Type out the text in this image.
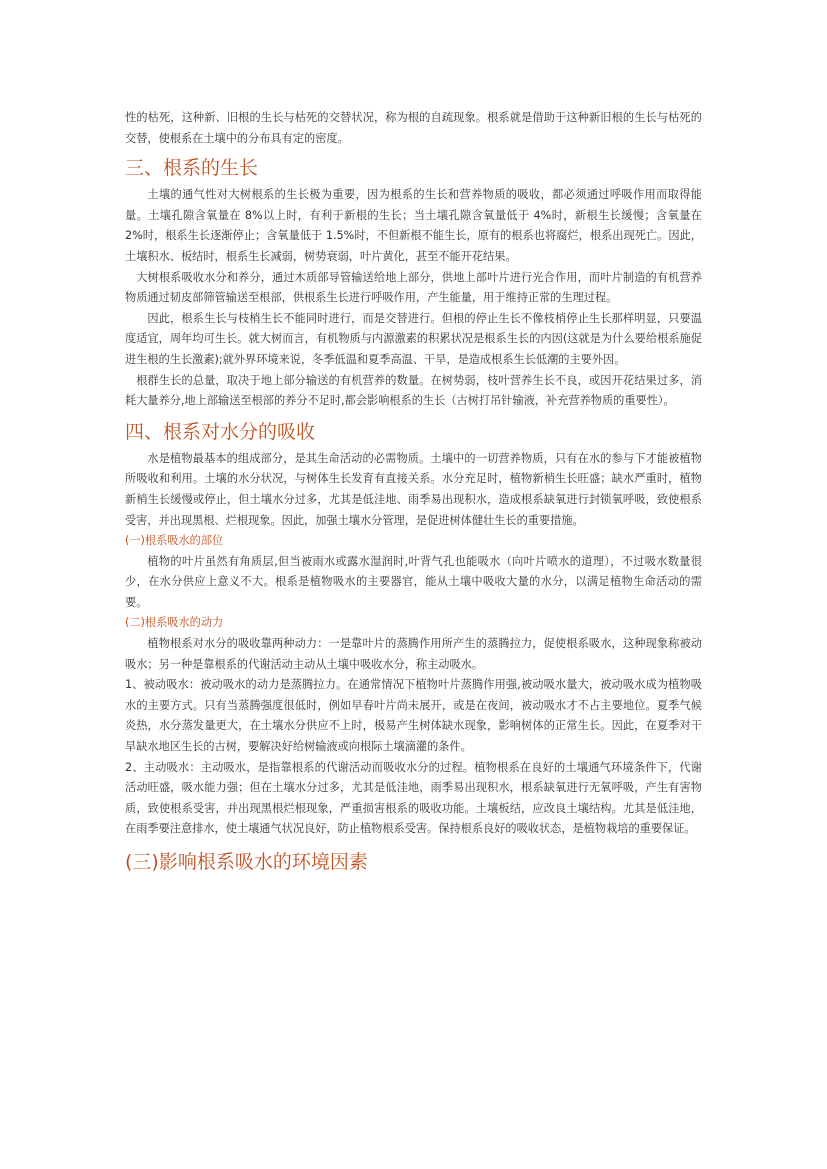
性的枯死，这种新、旧根的生长与枯死的交替状况，称为根的自疏现象。根系就是借助于这种新旧根的生长与枯死的交替，使根系在土壤中的分布具有定的密度。

三、根系的生长

土壤的通气性对大树根系的生长极为重要，因为根系的生长和营养物质的吸收，都必须通过呼吸作用而取得能量。土壤孔隙含氧量在 8%以上时，有利于新根的生长；当土壤孔隙含氧量低于 4%时，新根生长缓慢；含氧量在 2%时，根系生长逐渐停止；含氧量低于 1.5%时，不但新根不能生长，原有的根系也将腐烂，根系出现死亡。因此，土壤积水、板结时，根系生长减弱，树势衰弱，叶片黄化，甚至不能开花结果。

大树根系吸收水分和养分，通过木质部导管输送给地上部分，供地上部叶片进行光合作用，而叶片制造的有机营养物质通过韧皮部筛管输送至根部，供根系生长进行呼吸作用，产生能量，用于维持正常的生理过程。

因此，根系生长与枝梢生长不能同时进行，而是交替进行。但根的停止生长不像枝梢停止生长那样明显，只要温度适宜，周年均可生长。就大树而言，有机物质与内源激素的积累状况是根系生长的内因(这就是为什么要给根系施促进生根的生长激素);就外界环境来说，冬季低温和夏季高温、干旱，是造成根系生长低潮的主要外因。

根群生长的总量，取决于地上部分输送的有机营养的数量。在树势弱，枝叶营养生长不良，或因开花结果过多，消耗大量养分,地上部输送至根部的养分不足时,都会影响根系的生长（古树打吊针输液，补充营养物质的重要性）。

四、根系对水分的吸收

水是植物最基本的组成部分，是其生命活动的必需物质。土壤中的一切营养物质，只有在水的参与下才能被植物所吸收和利用。土壤的水分状况，与树体生长发育有直接关系。水分充足时，植物新梢生长旺盛；缺水严重时，植物新梢生长缓慢或停止，但土壤水分过多，尤其是低洼地、雨季易出现积水，造成根系缺氧进行封锁氧呼吸，致使根系受害，并出现黑根、烂根现象。因此，加强土壤水分管理，是促进树体健壮生长的重要措施。

(一)根系吸水的部位

植物的叶片虽然有角质层,但当被雨水或露水湿润时,叶背气孔也能吸水（向叶片喷水的道理），不过吸水数量很少，在水分供应上意义不大。根系是植物吸水的主要器官，能从土壤中吸收大量的水分，以满足植物生命活动的需要。

(二)根系吸水的动力

植物根系对水分的吸收靠两种动力：一是靠叶片的蒸腾作用所产生的蒸腾拉力，促使根系吸水，这种现象称被动吸水；另一种是靠根系的代谢活动主动从土壤中吸收水分，称主动吸水。

1、被动吸水：被动吸水的动力是蒸腾拉力。在通常情况下植物叶片蒸腾作用强,被动吸水量大，被动吸水成为植物吸水的主要方式。只有当蒸腾强度很低时，例如早春叶片尚未展开，或是在夜间，被动吸水才不占主要地位。夏季气候炎热，水分蒸发量更大，在土壤水分供应不上时，极易产生树体缺水现象，影响树体的正常生长。因此，在夏季对干旱缺水地区生长的古树，要解决好给树输液或向根际土壤滴灌的条件。

2、主动吸水：主动吸水，是指靠根系的代谢活动而吸收水分的过程。植物根系在良好的土壤通气环境条件下，代谢活动旺盛，吸水能力强；但在土壤水分过多，尤其是低洼地，雨季易出现积水，根系缺氧进行无氧呼吸，产生有害物质，致使根系受害，并出现黑根烂根现象，严重损害根系的吸收功能。土壤板结，应改良土壤结构。尤其是低洼地，在雨季要注意排水，使土壤通气状况良好，防止植物根系受害。保持根系良好的吸收状态，是植物栽培的重要保证。

(三)影响根系吸水的环境因素
